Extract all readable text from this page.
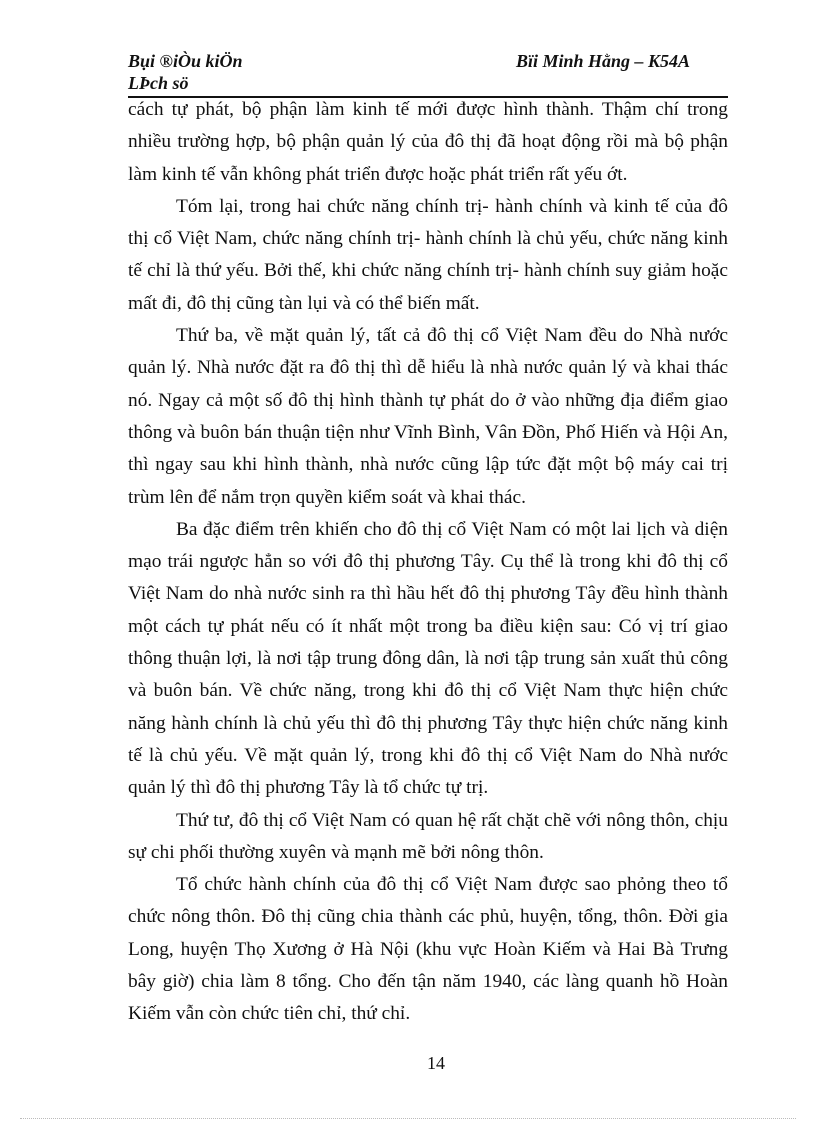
Bụi ®iÒu kiÖn
LÞch sö
Bïi Minh Hằng – K54A

cách tự phát, bộ phận làm kinh tế mới được hình thành. Thậm chí trong nhiều trường hợp, bộ phận quản lý của đô thị đã hoạt động rồi mà bộ phận làm kinh tế vẫn không phát triển được hoặc phát triển rất yếu ớt.

Tóm lại, trong hai chức năng chính trị- hành chính và kinh tế của đô thị cổ Việt Nam, chức năng chính trị- hành chính là chủ yếu, chức năng kinh tế chỉ là thứ yếu. Bởi thế, khi chức năng chính trị- hành chính suy giảm hoặc mất đi, đô thị cũng tàn lụi và có thể biến mất.

Thứ ba, về mặt quản lý, tất cả đô thị cổ Việt Nam đều do Nhà nước quản lý. Nhà nước đặt ra đô thị thì dễ hiểu là nhà nước quản lý và khai thác nó. Ngay cả một số đô thị hình thành tự phát do ở vào những địa điểm giao thông và buôn bán thuận tiện như Vĩnh Bình, Vân Đồn, Phố Hiến và Hội An, thì ngay sau khi hình thành, nhà nước cũng lập tức đặt một bộ máy cai trị trùm lên để nắm trọn quyền kiểm soát và khai thác.

Ba đặc điểm trên khiến cho đô thị cổ Việt Nam có một lai lịch và diện mạo trái ngược hẳn so với đô thị phương Tây. Cụ thể là trong khi đô thị cổ Việt Nam do nhà nước sinh ra thì hầu hết đô thị phương Tây đều hình thành một cách tự phát nếu có ít nhất một trong ba điều kiện sau: Có vị trí giao thông thuận lợi, là nơi tập trung đông dân, là nơi tập trung sản xuất thủ công và buôn bán. Về chức năng, trong khi đô thị cổ Việt Nam thực hiện chức năng hành chính là chủ yếu thì đô thị phương Tây thực hiện chức năng kinh tế là chủ yếu. Về mặt quản lý, trong khi đô thị cổ Việt Nam do Nhà nước quản lý thì đô thị phương Tây là tổ chức tự trị.

Thứ tư, đô thị cổ Việt Nam có quan hệ rất chặt chẽ với nông thôn, chịu sự chi phối thường xuyên và mạnh mẽ bởi nông thôn.

Tổ chức hành chính của đô thị cổ Việt Nam được sao phỏng theo tổ chức nông thôn. Đô thị cũng chia thành các phủ, huyện, tổng, thôn. Đời gia Long, huyện Thọ Xương ở Hà Nội (khu vực Hoàn Kiếm và Hai Bà Trưng bây giờ) chia làm 8 tổng. Cho đến tận năm 1940, các làng quanh hồ Hoàn Kiếm vẫn còn chức tiên chỉ, thứ chỉ.

14
